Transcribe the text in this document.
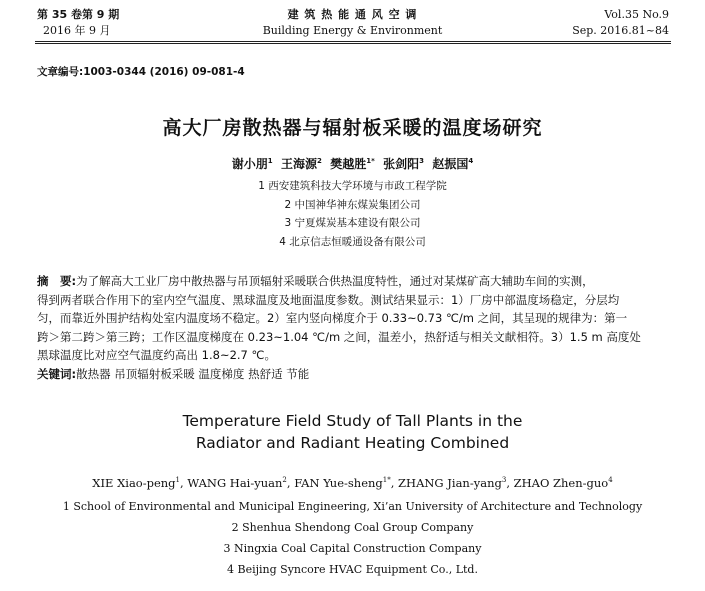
第 35 卷第 9 期
2016 年 9 月
建 筑 热 能 通 风 空 调
Building Energy & Environment
Vol.35 No.9
Sep. 2016.81~84
文章编号:1003-0344 (2016) 09-081-4
高大厂房散热器与辐射板采暖的温度场研究
谢小朋$^1$ 王海源$^2$ 樊越胜$^{1*}$ 张剑阳$^3$ 赵振国$^4$
1 西安建筑科技大学环境与市政工程学院
2 中国神华神东煤炭集团公司
3 宁夏煤炭基本建设有限公司
4 北京信志恒暖通设备有限公司
摘　要:为了解高大工业厂房中散热器与吊顶辐射采暖联合供热温度特性，通过对某煤矿高大辅助车间的实测，
得到两者联合作用下的室内空气温度、黑球温度及地面温度参数。测试结果显示：1）厂房中部温度场稳定，分层均
匀，而靠近外围护结构处室内温度场不稳定。2）室内竖向梯度介于 0.33~0.73 ℃/m 之间，其呈现的规律为：第一
跨＞第二跨＞第三跨；工作区温度梯度在 0.23~1.04 ℃/m 之间，温差小，热舒适与相关文献相符。3）1.5 m 高度处
黑球温度比对应空气温度约高出 1.8~2.7 ℃。
关键词:散热器 吊顶辐射板采暖 温度梯度 热舒适 节能
Temperature Field Study of Tall Plants in the
Radiator and Radiant Heating Combined
XIE Xiao-peng$^1$, WANG Hai-yuan$^2$, FAN Yue-sheng$^{1*}$, ZHANG Jian-yang$^3$, ZHAO Zhen-guo$^4$
1 School of Environmental and Municipal Engineering, Xi’an University of Architecture and Technology
2 Shenhua Shendong Coal Group Company
3 Ningxia Coal Capital Construction Company
4 Beijing Syncore HVAC Equipment Co., Ltd.
